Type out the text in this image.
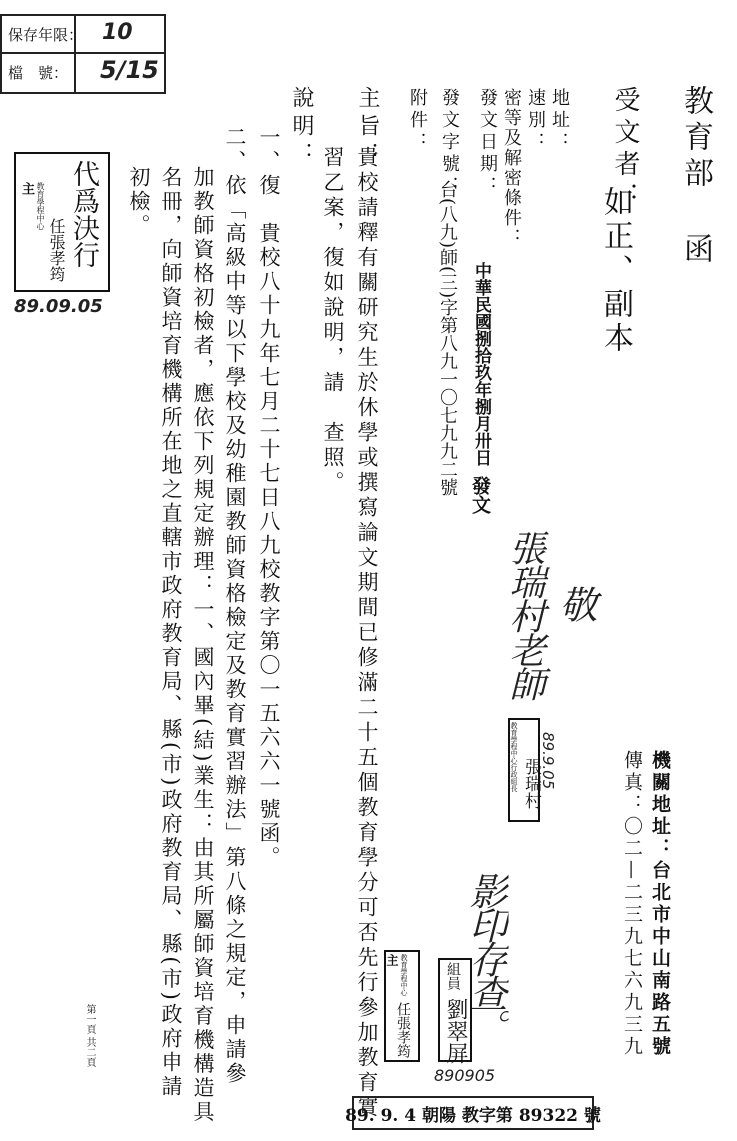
保存年限： 10
檔　號： 5/15
教育部函
受文者：
如正、副本
地址：
速別：
密等及解密條件：
發文日期：
中華民國捌拾玖年捌月卅日
發文
發文字號：
台(八九)師(三)字第八九一〇七九九二號
附件：
主旨：
貴校請釋有關研究生於休學或撰寫論文期間已修滿二十五個教育學分可否先行參加教育實
習乙案，復如說明，請　查照。
說明：
一、復　貴校八十九年七月二十七日八九校教字第〇一五六六一號函。
二、依「高級中等以下學校及幼稚園教師資格檢定及教育實習辦法」第八條之規定，申請參
加教師資格初檢者，應依下列規定辦理：一、國內畢(結)業生：由其所屬師資培育機構造具
名冊，向師資培育機構所在地之直轄市政府教育局、縣(市)政府教育局、縣(市)政府申請
初檢。
機關地址：台北市中山南路五號
傳真：〇二—二三九七六九三九
代爲決行
主 教育學程中心
任張孝筠
89.09.05
張瑞村老師 敬
教育學程中心行政組長 張瑞村
89.9.05
影印存查。
主 教育學程中心
任張孝筠
組員
劉翠屏
890905
89. 9. 4 朝陽 教字第 89322 號
第一頁 共二頁
